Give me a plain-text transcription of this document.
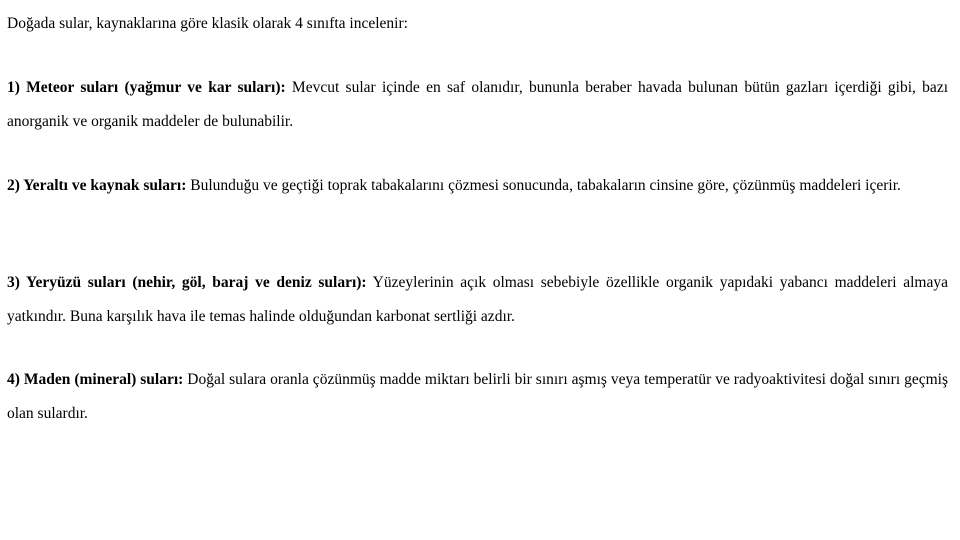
Doğada sular, kaynaklarına göre klasik olarak 4 sınıfta incelenir:

1) Meteor suları (yağmur ve kar suları): Mevcut sular içinde en saf olanıdır, bununla beraber havada bulunan bütün gazları içerdiği gibi, bazı anorganik ve organik maddeler de bulunabilir.

2) Yeraltı ve kaynak suları: Bulunduğu ve geçtiği toprak tabakalarını çözmesi sonucunda, tabakaların cinsine göre, çözünmüş maddeleri içerir.

3) Yeryüzü suları (nehir, göl, baraj ve deniz suları): Yüzeylerinin açık olması sebebiyle özellikle organik yapıdaki yabancı maddeleri almaya yatkındır. Buna karşılık hava ile temas halinde olduğundan karbonat sertliği azdır.

4) Maden (mineral) suları: Doğal sulara oranla çözünmüş madde miktarı belirli bir sınırı aşmış veya temperatür ve radyoaktivitesi doğal sınırı geçmiş olan sulardır.
